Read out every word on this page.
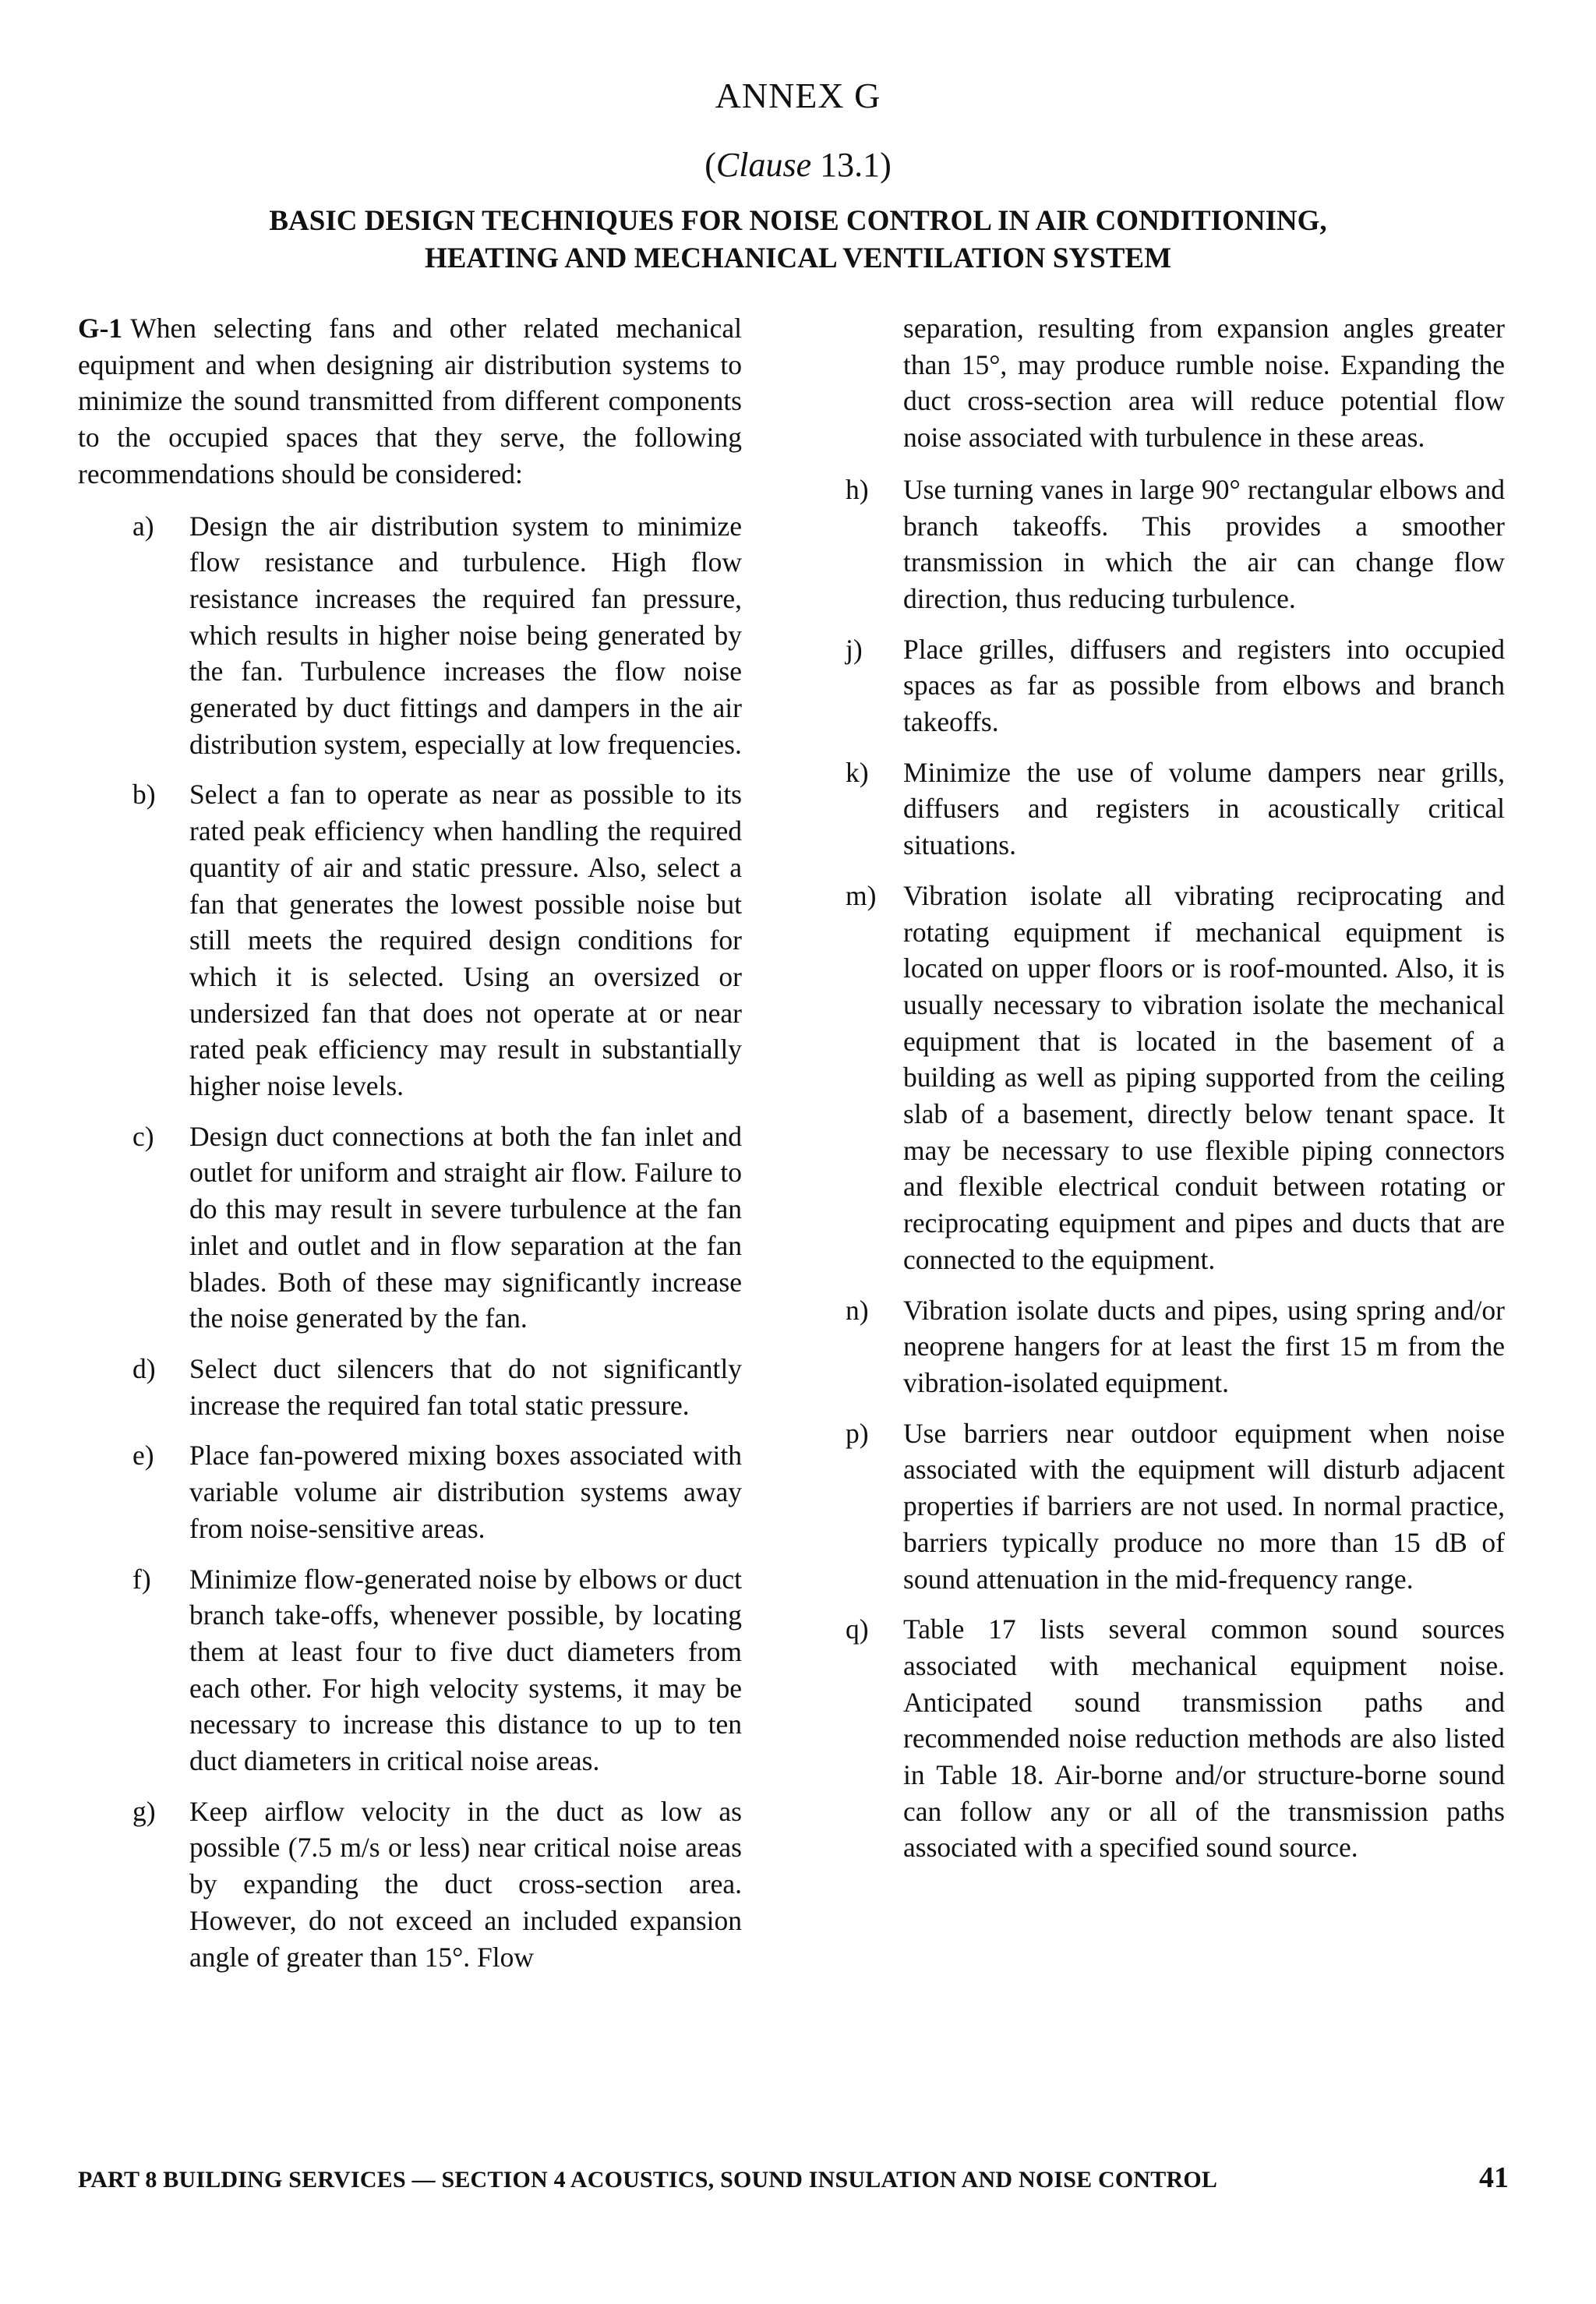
ANNEX G
(Clause 13.1)
BASIC DESIGN TECHNIQUES FOR NOISE CONTROL IN AIR CONDITIONING,
HEATING AND MECHANICAL VENTILATION SYSTEM

G-1 When selecting fans and other related mechanical equipment and when designing air distribution systems to minimize the sound transmitted from different components to the occupied spaces that they serve, the following recommendations should be considered:

a)	Design the air distribution system to minimize flow resistance and turbulence. High flow resistance increases the required fan pressure, which results in higher noise being generated by the fan. Turbulence increases the flow noise generated by duct fittings and dampers in the air distribution system, especially at low frequencies.
b)	Select a fan to operate as near as possible to its rated peak efficiency when handling the required quantity of air and static pressure. Also, select a fan that generates the lowest possible noise but still meets the required design conditions for which it is selected. Using an oversized or undersized fan that does not operate at or near rated peak efficiency may result in substantially higher noise levels.
c)	Design duct connections at both the fan inlet and outlet for uniform and straight air flow. Failure to do this may result in severe turbulence at the fan inlet and outlet and in flow separation at the fan blades. Both of these may significantly increase the noise generated by the fan.
d)	Select duct silencers that do not significantly increase the required fan total static pressure.
e)	Place fan-powered mixing boxes associated with variable volume air distribution systems away from noise-sensitive areas.
f)	Minimize flow-generated noise by elbows or duct branch take-offs, whenever possible, by locating them at least four to five duct diameters from each other. For high velocity systems, it may be necessary to increase this distance to up to ten duct diameters in critical noise areas.
g)	Keep airflow velocity in the duct as low as possible (7.5 m/s or less) near critical noise areas by expanding the duct cross-section area. However, do not exceed an included expansion angle of greater than 15°. Flow

separation, resulting from expansion angles greater than 15°, may produce rumble noise. Expanding the duct cross-section area will reduce potential flow noise associated with turbulence in these areas.

h)	Use turning vanes in large 90° rectangular elbows and branch takeoffs. This provides a smoother transmission in which the air can change flow direction, thus reducing turbulence.
j)	Place grilles, diffusers and registers into occupied spaces as far as possible from elbows and branch takeoffs.
k)	Minimize the use of volume dampers near grills, diffusers and registers in acoustically critical situations.
m) Vibration isolate all vibrating reciprocating and rotating equipment if mechanical equipment is located on upper floors or is roof-mounted. Also, it is usually necessary to vibration isolate the mechanical equipment that is located in the basement of a building as well as piping supported from the ceiling slab of a basement, directly below tenant space. It may be necessary to use flexible piping connectors and flexible electrical conduit between rotating or reciprocating equipment and pipes and ducts that are connected to the equipment.
n)	Vibration isolate ducts and pipes, using spring and/or neoprene hangers for at least the first 15 m from the vibration-isolated equipment.
p)	Use barriers near outdoor equipment when noise associated with the equipment will disturb adjacent properties if barriers are not used. In normal practice, barriers typically produce no more than 15 dB of sound attenuation in the mid-frequency range.
q)	Table 17 lists several common sound sources associated with mechanical equipment noise. Anticipated sound transmission paths and recommended noise reduction methods are also listed in Table 18. Air-borne and/or structure-borne sound can follow any or all of the transmission paths associated with a specified sound source.
PART 8 BUILDING SERVICES — SECTION 4 ACOUSTICS, SOUND INSULATION AND NOISE CONTROL	41
